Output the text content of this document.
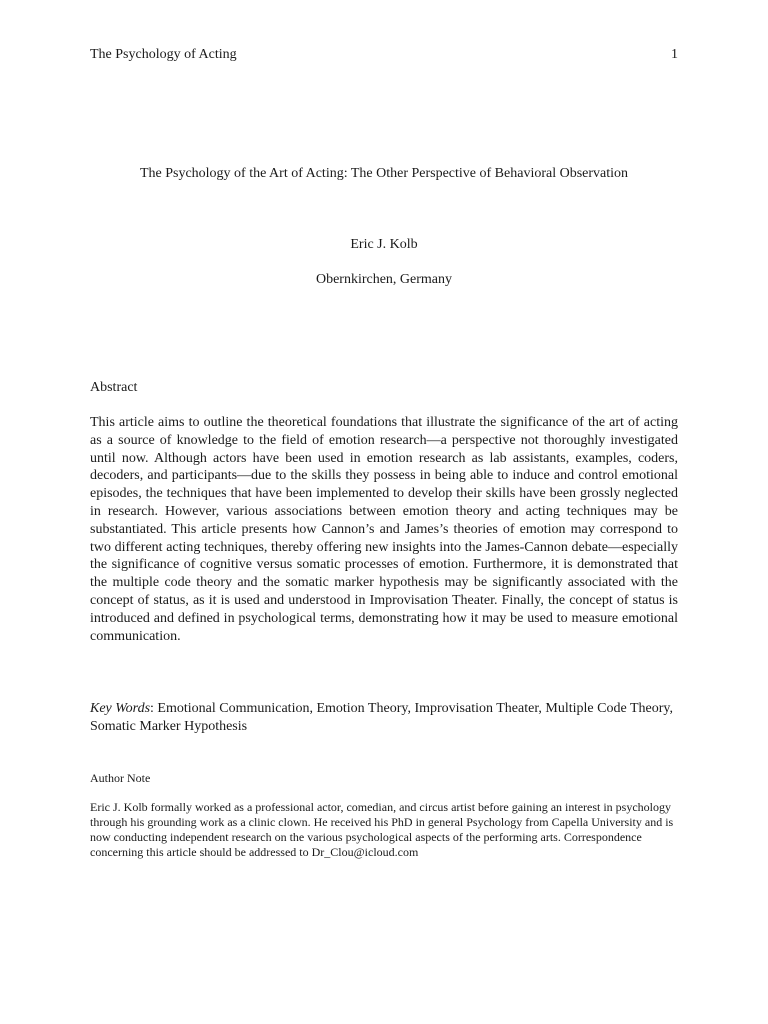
The Psychology of Acting	1
The Psychology of the Art of Acting: The Other Perspective of Behavioral Observation
Eric J. Kolb
Obernkirchen, Germany
Abstract

This article aims to outline the theoretical foundations that illustrate the significance of the art of acting as a source of knowledge to the field of emotion research—a perspective not thoroughly investigated until now. Although actors have been used in emotion research as lab assistants, examples, coders, decoders, and participants—due to the skills they possess in being able to induce and control emotional episodes, the techniques that have been implemented to develop their skills have been grossly neglected in research. However, various associations between emotion theory and acting techniques may be substantiated. This article presents how Cannon’s and James’s theories of emotion may correspond to two different acting techniques, thereby offering new insights into the James-Cannon debate—especially the significance of cognitive versus somatic processes of emotion. Furthermore, it is demonstrated that the multiple code theory and the somatic marker hypothesis may be significantly associated with the concept of status, as it is used and understood in Improvisation Theater. Finally, the concept of status is introduced and defined in psychological terms, demonstrating how it may be used to measure emotional communication.

Key Words: Emotional Communication, Emotion Theory, Improvisation Theater, Multiple Code Theory, Somatic Marker Hypothesis

Author Note

Eric J. Kolb formally worked as a professional actor, comedian, and circus artist before gaining an interest in psychology through his grounding work as a clinic clown. He received his PhD in general Psychology from Capella University and is now conducting independent research on the various psychological aspects of the performing arts. Correspondence concerning this article should be addressed to Dr_Clou@icloud.com
